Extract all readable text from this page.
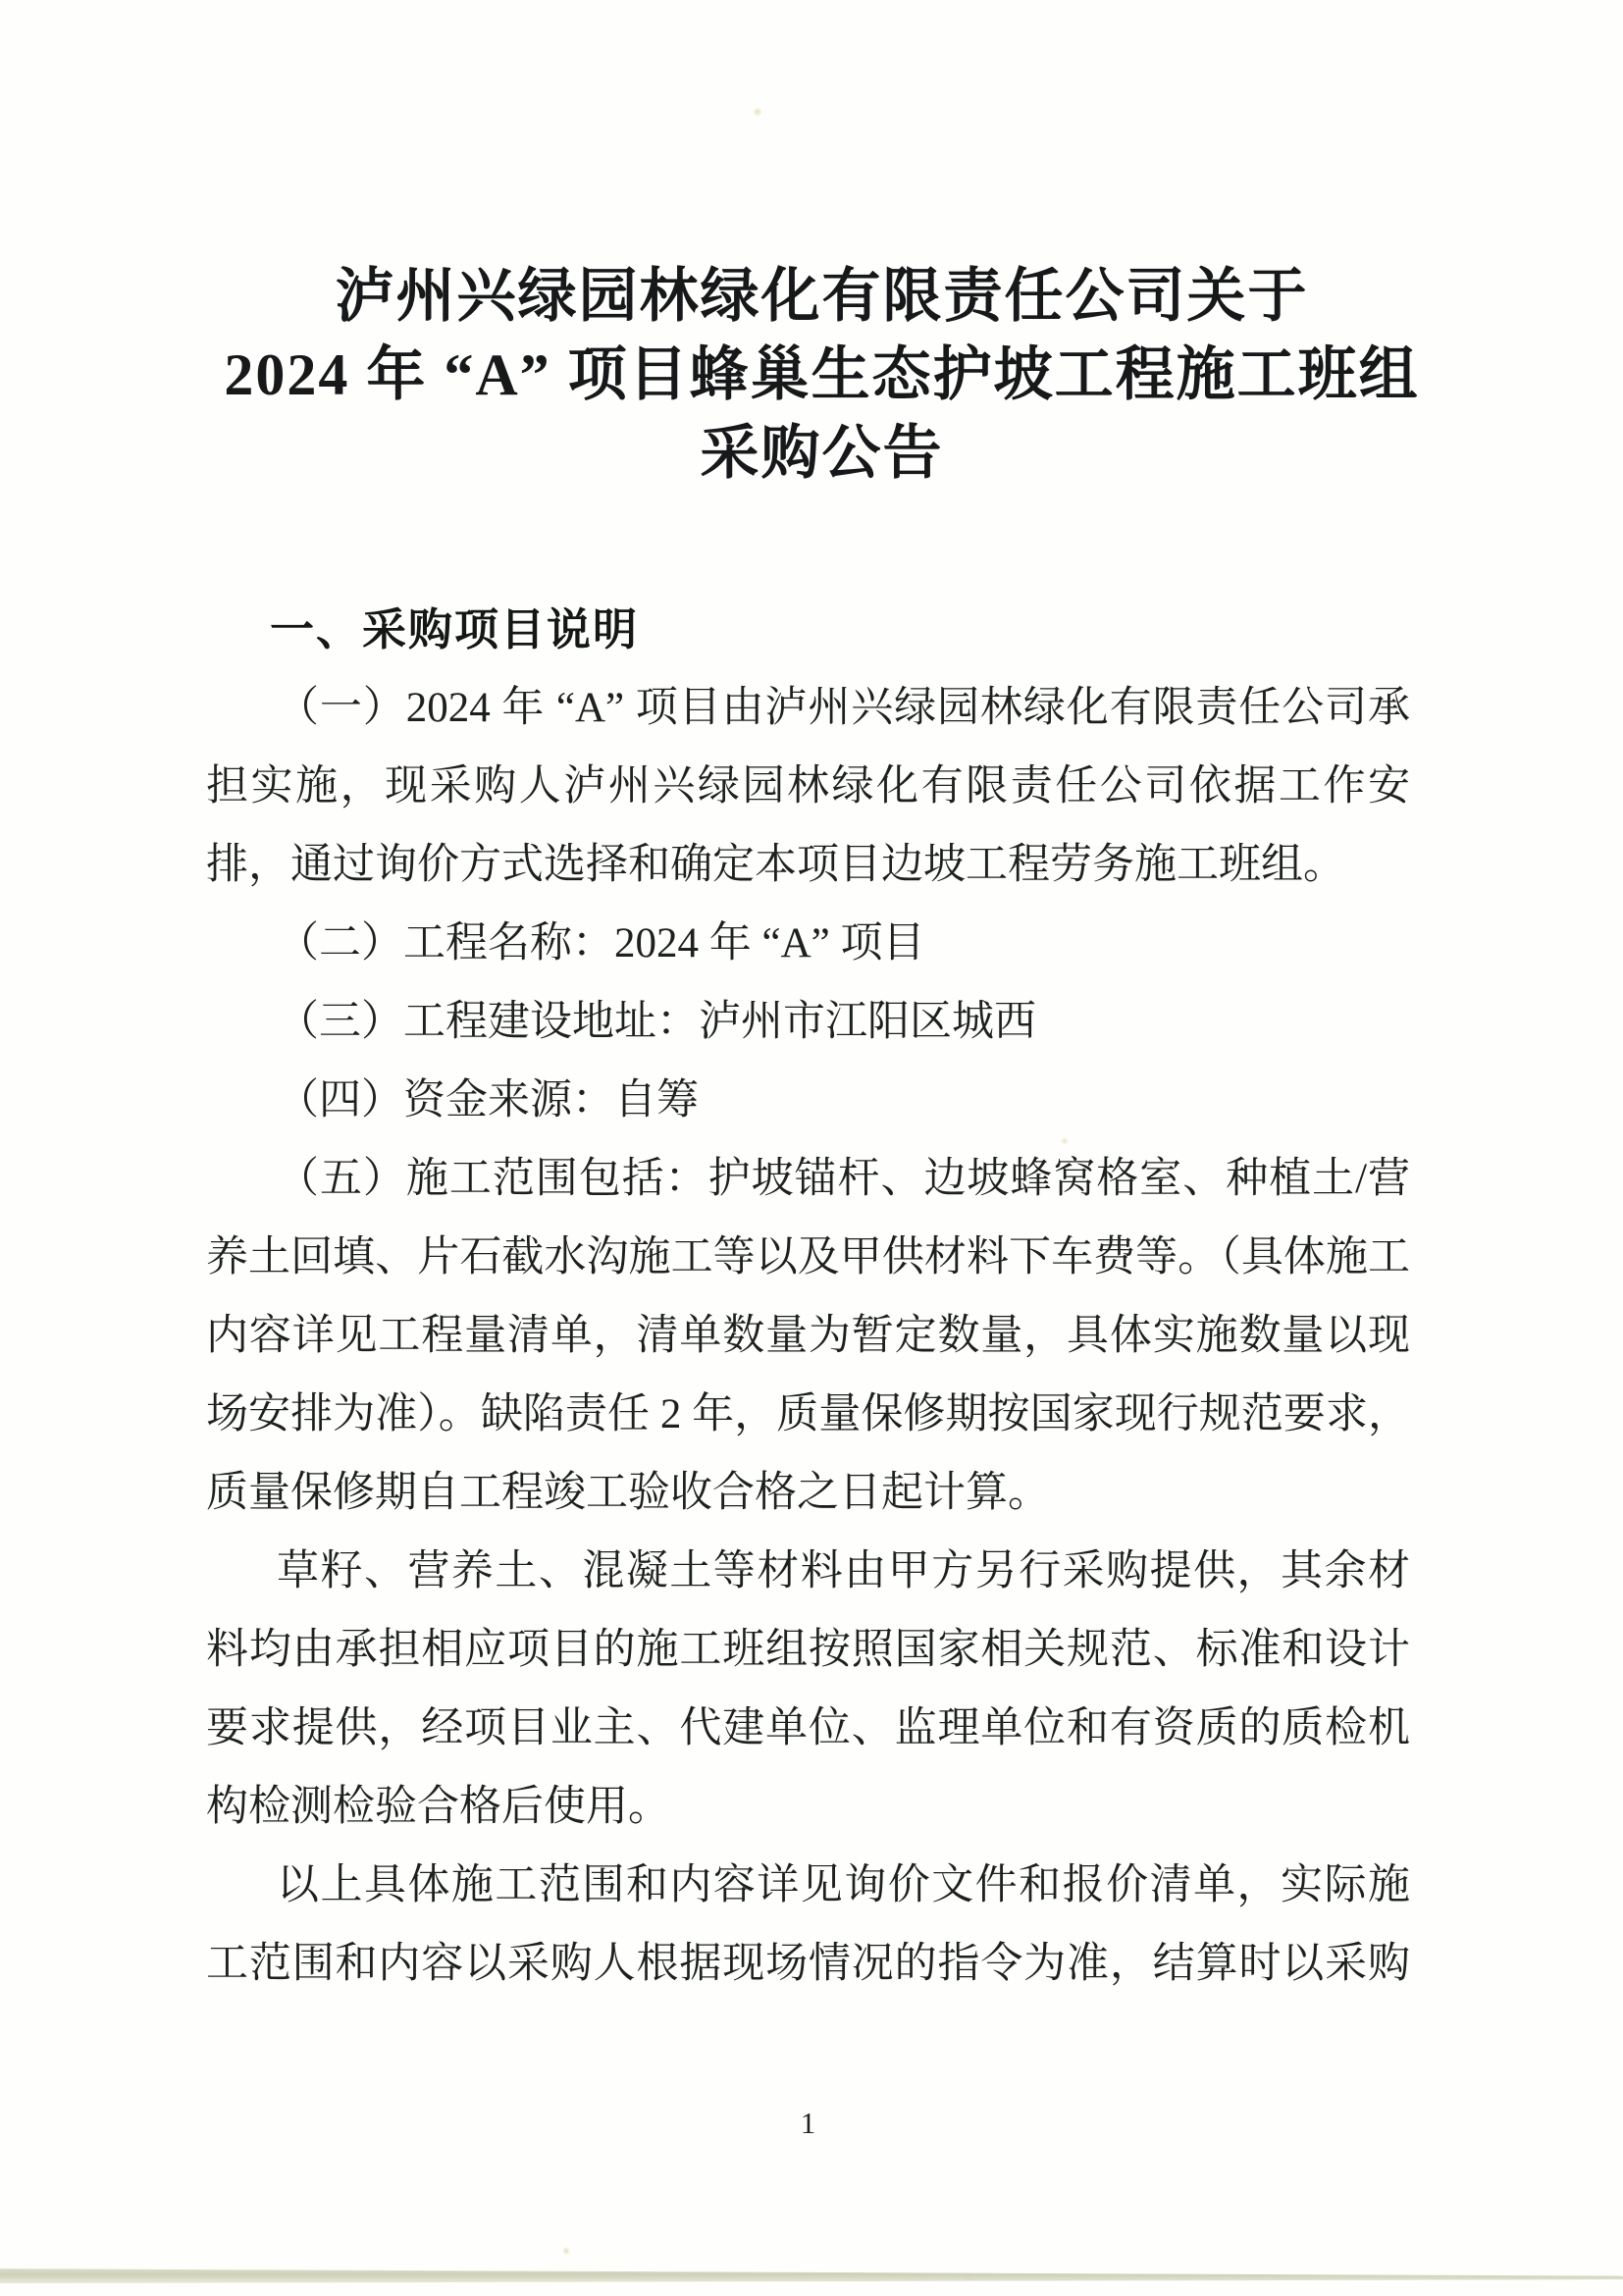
泸州兴绿园林绿化有限责任公司关于
2024 年 “A” 项目蜂巢生态护坡工程施工班组
采购公告
一、采购项目说明

（一）2024 年 “A” 项目由泸州兴绿园林绿化有限责任公司承担实施，现采购人泸州兴绿园林绿化有限责任公司依据工作安排，通过询价方式选择和确定本项目边坡工程劳务施工班组。

（二）工程名称：2024 年 “A” 项目

（三）工程建设地址：泸州市江阳区城西

（四）资金来源：自筹

（五）施工范围包括：护坡锚杆、边坡蜂窝格室、种植土/营养土回填、片石截水沟施工等以及甲供材料下车费等。（具体施工内容详见工程量清单，清单数量为暂定数量，具体实施数量以现场安排为准）。缺陷责任 2 年，质量保修期按国家现行规范要求，质量保修期自工程竣工验收合格之日起计算。

草籽、营养土、混凝土等材料由甲方另行采购提供，其余材料均由承担相应项目的施工班组按照国家相关规范、标准和设计要求提供，经项目业主、代建单位、监理单位和有资质的质检机构检测检验合格后使用。

以上具体施工范围和内容详见询价文件和报价清单，实际施工范围和内容以采购人根据现场情况的指令为准，结算时以采购

1
